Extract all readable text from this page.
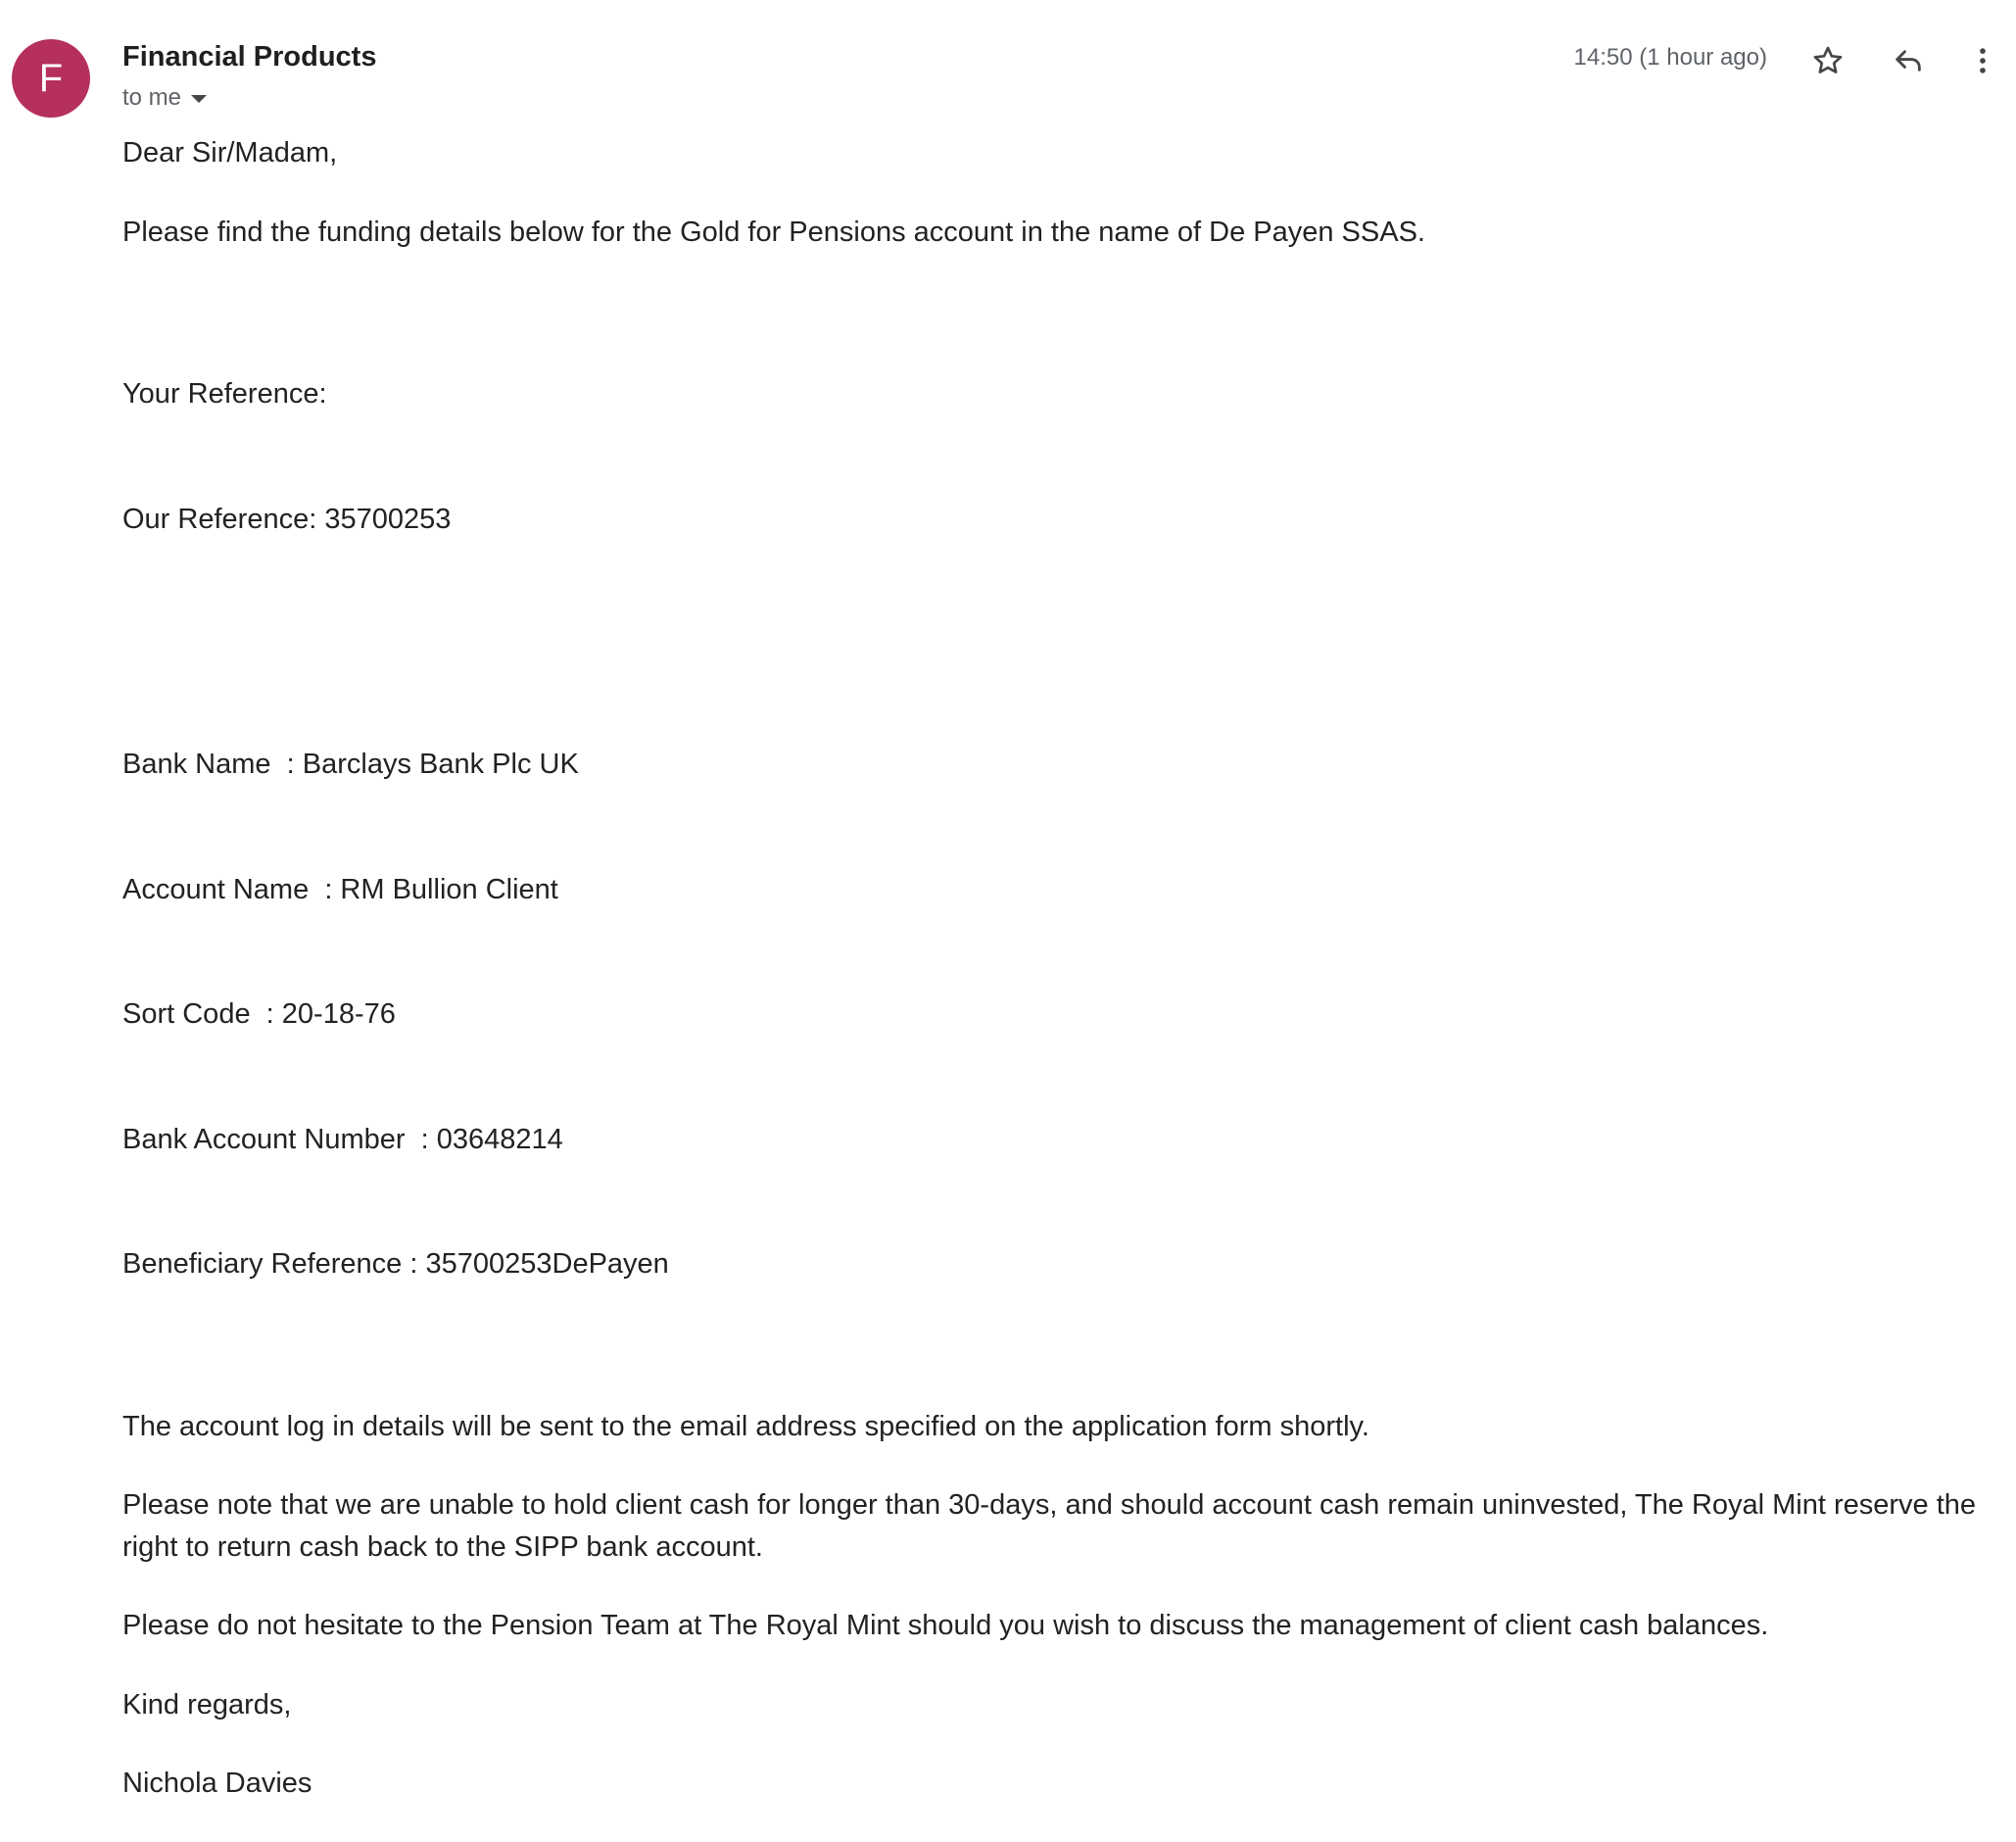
F Financial Products
to me
14:50 (1 hour ago)

Dear Sir/Madam,

Please find the funding details below for the Gold for Pensions account in the name of De Payen SSAS.

Your Reference:

Our Reference: 35700253

Bank Name  : Barclays Bank Plc UK

Account Name  : RM Bullion Client

Sort Code  : 20-18-76

Bank Account Number  : 03648214

Beneficiary Reference : 35700253DePayen

The account log in details will be sent to the email address specified on the application form shortly.

Please note that we are unable to hold client cash for longer than 30-days, and should account cash remain uninvested, The Royal Mint reserve the right to return cash back to the SIPP bank account.

Please do not hesitate to the Pension Team at The Royal Mint should you wish to discuss the management of client cash balances.

Kind regards,

Nichola Davies
